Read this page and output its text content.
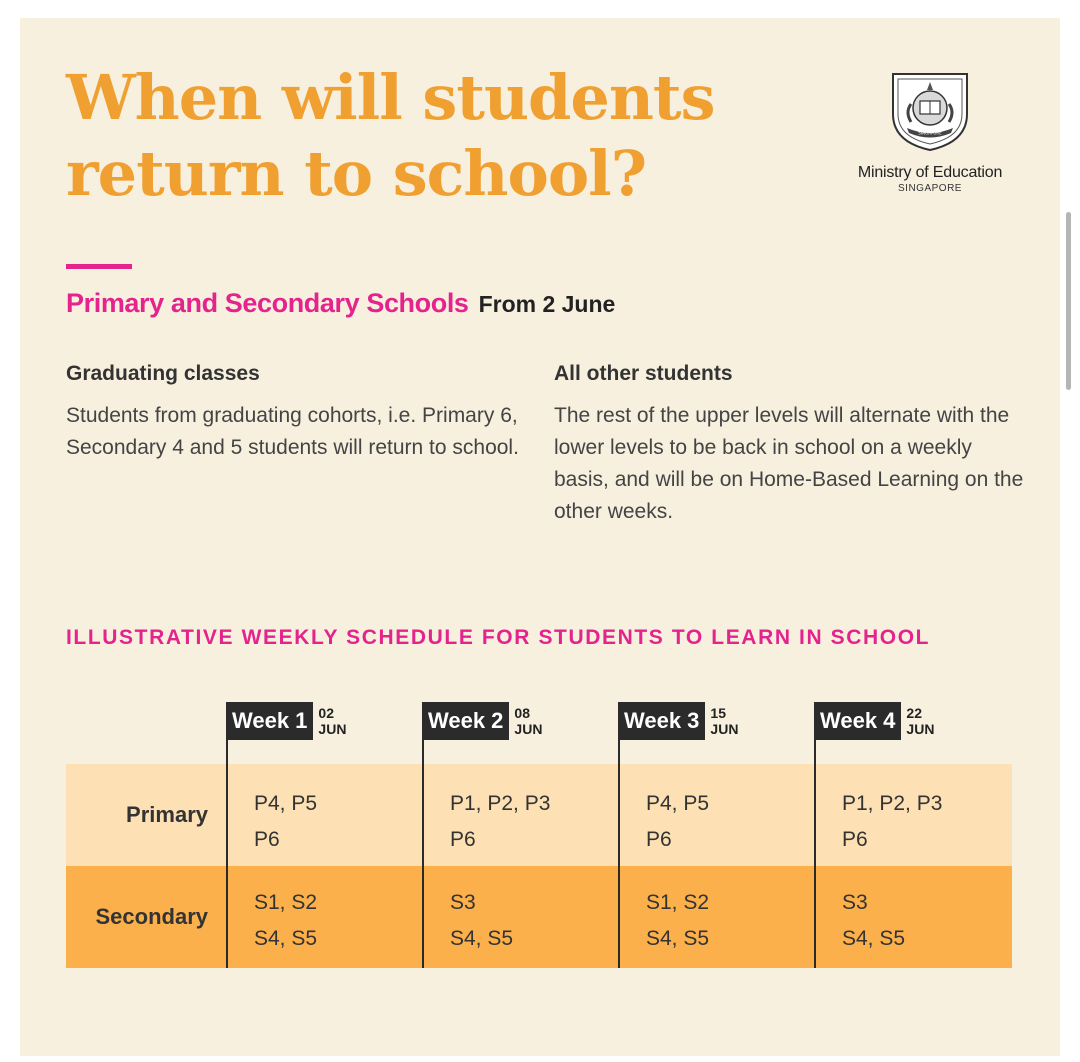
When will students
return to school?
SINGAPORE
Ministry of Education
SINGAPORE
Primary and Secondary Schools From 2 June
Graduating classes

Students from graduating cohorts, i.e. Primary 6, Secondary 4 and 5 students will return to school.

All other students

The rest of the upper levels will alternate with the lower levels to be back in school on a weekly basis, and will be on Home-Based Learning on the other weeks.

ILLUSTRATIVE WEEKLY SCHEDULE FOR STUDENTS TO LEARN IN SCHOOL
Primary
Secondary
Week 1 02
JUN
P4, P5
P6
S1, S2
S4, S5
Week 2 08
JUN
P1, P2, P3
P6
S3
S4, S5
Week 3 15
JUN
P4, P5
P6
S1, S2
S4, S5
Week 4 22
JUN
P1, P2, P3
P6
S3
S4, S5
